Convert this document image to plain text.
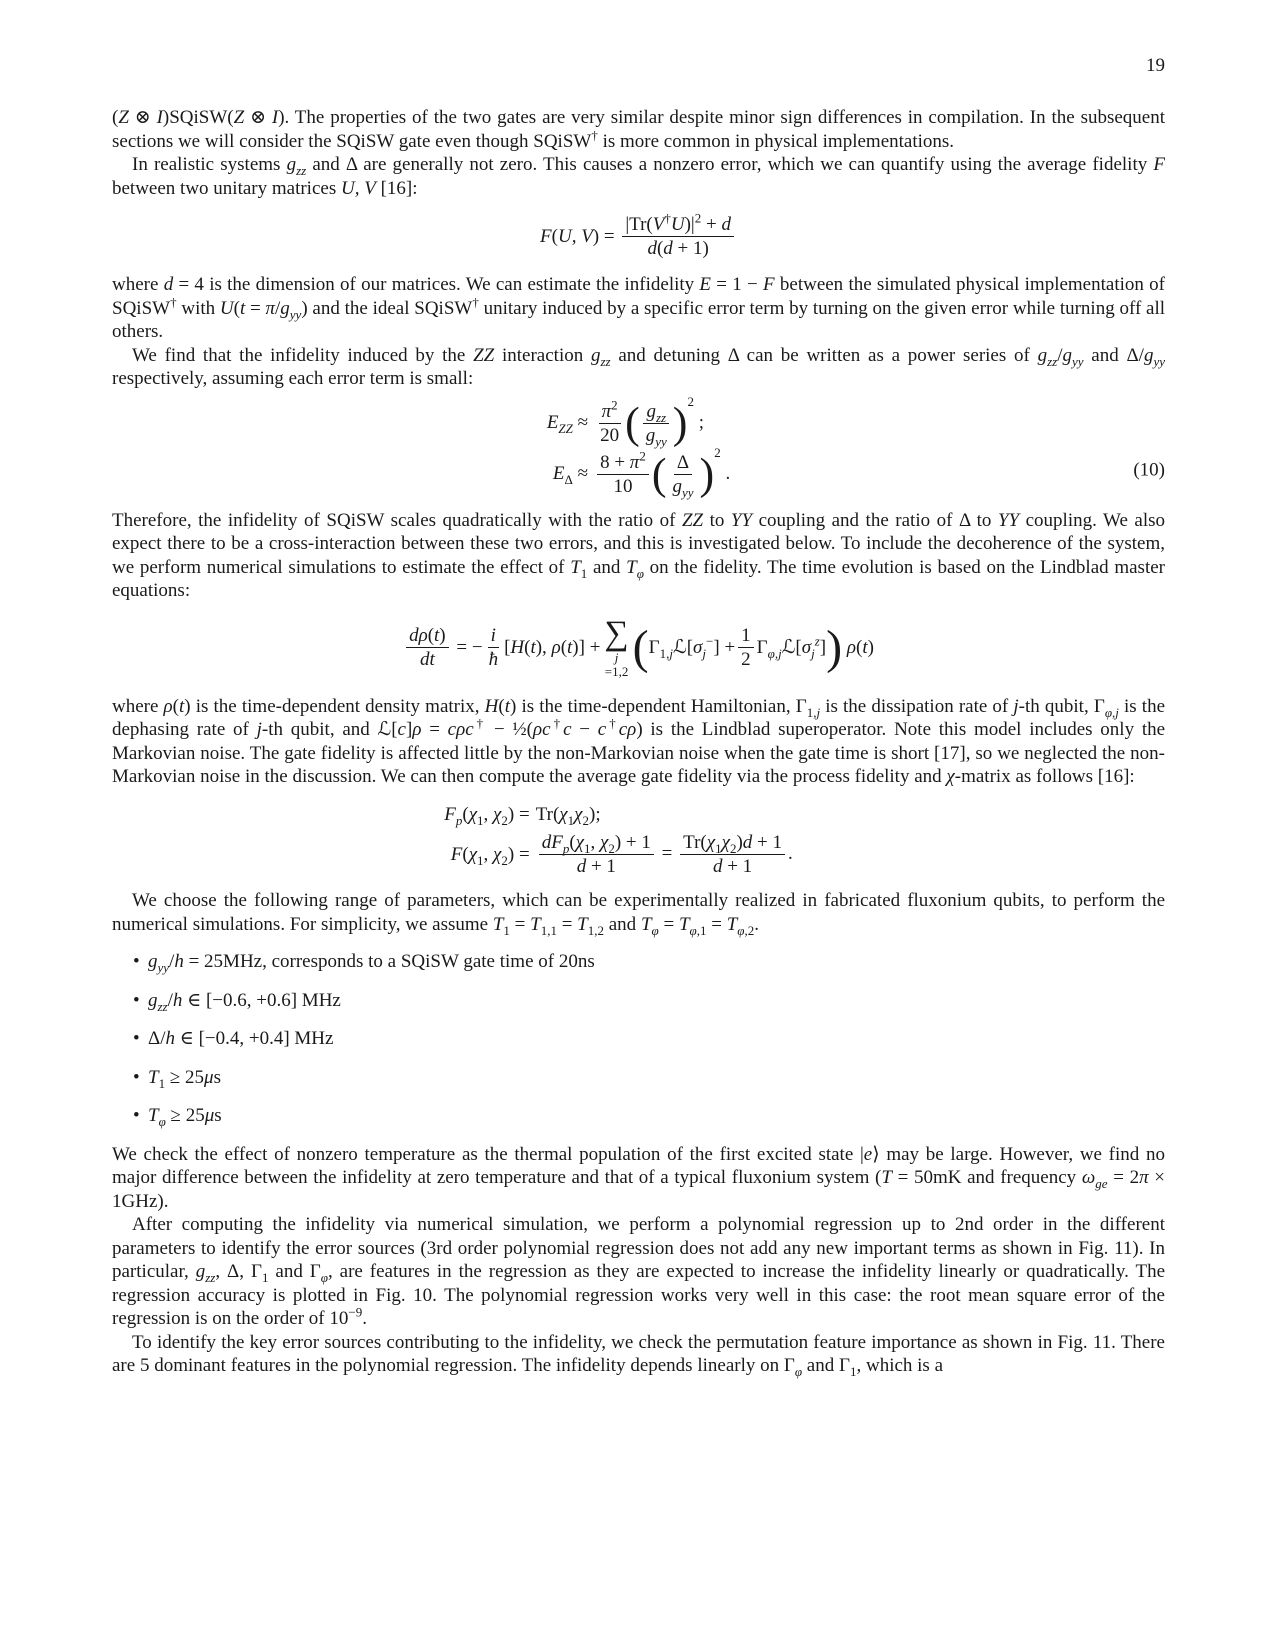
19

(Z ⊗ I)SQiSW(Z ⊗ I). The properties of the two gates are very similar despite minor sign differences in compilation. In the subsequent sections we will consider the SQiSW gate even though SQiSW† is more common in physical implementations.

In realistic systems $g_{zz}$ and Δ are generally not zero. This causes a nonzero error, which we can quantify using the average fidelity F between two unitary matrices U, V [16]:

F(U, $V) = \frac{|Tr(V^\dagger U)|^2 + d}{d(d + 1)}$

where d = 4 is the dimension of our matrices. We can estimate the infidelity E = 1 − F between the simulated physical implementation of SQiSW† with $U(t = \pi/g_{yy})$ and the ideal SQiSW† unitary induced by a specific error term by turning on the given error while turning off all others.

We find that the infidelity induced by the ZZ interaction $g_{zz}$ and detuning Δ can be written as a power series of $g_{zz}/g_{yy}$ and $\Delta/g_{yy}$ respectively, assuming each error term is small:

$E_{ZZ} \approx \frac{\pi^2}{20}$ ( $\frac{g_{zz}}{g_{yy}} )^2$ ;
$E_\Delta \approx \frac{8 + \pi^2}{10}$ ( $\frac{\Delta}{g_{yy}} )^2$ .	(10)

Therefore, the infidelity of SQiSW scales quadratically with the ratio of ZZ to YY coupling and the ratio of Δ to YY coupling. We also expect there to be a cross-interaction between these two errors, and this is investigated below. To include the decoherence of the system, we perform numerical simulations to estimate the effect of $T_1$ and $T_\varphi$ on the fidelity. The time evolution is based on the Lindblad master equations:

$\frac{d\rho(t)}{dt}$ = − $\frac{i}{ħ} [H(t)$, ρ(t)] + ∑
j
=1,2 ( $\Gamma_{1,j}ℒ[\sigma_j^-] + \frac{1}{2}$ $\Gamma_{\varphi,j}ℒ[\sigma_j^z]$ ) ρ(t)

where ρ(t) is the time-dependent density matrix, H(t) is the time-dependent Hamiltonian, $\Gamma_{1,j}$ is the dissipation rate of j-th qubit, $\Gamma_{\varphi,j}$ is the dephasing rate of j-th qubit, and ℒ[c]ρ = cρc† − ½(ρc†c − c†cρ) is the Lindblad superoperator. Note this model includes only the Markovian noise. The gate fidelity is affected little by the non-Markovian noise when the gate time is short [17], so we neglected the non-Markovian noise in the discussion. We can then compute the average gate fidelity via the process fidelity and χ-matrix as follows [16]:

$F_p(\chi_1$, $\chi_2) = Tr(\chi_1\chi_2)$;
$F(\chi_1$, $\chi_2) = \frac{dF_p(\chi_1, \chi_2) + 1}{d + 1} = \frac{Tr(\chi_1\chi_2)d + 1}{d + 1}$ .

We choose the following range of parameters, which can be experimentally realized in fabricated fluxonium qubits, to perform the numerical simulations. For simplicity, we assume $T_1 = T_{1,1} = T_{1,2}$ and $T_\varphi = T_{\varphi,1} = T_{\varphi,2}$.

• $g_{yy}/h = 25MHz$, corresponds to a SQiSW gate time of 20ns
• $g_{zz}/h$ ∈ [−0.6, +0.6] MHz
• Δ/h ∈ [−0.4, +0.4] MHz
• $T_1 \ge 25\mu s$
• $T_\varphi \ge 25\mu s$

We check the effect of nonzero temperature as the thermal population of the first excited state |e⟩ may be large. However, we find no major difference between the infidelity at zero temperature and that of a typical fluxonium system (T = 50mK and frequency $\omega_{ge} = 2\pi \times 1GHz$).

After computing the infidelity via numerical simulation, we perform a polynomial regression up to 2nd order in the different parameters to identify the error sources (3rd order polynomial regression does not add any new important terms as shown in Fig. 11). In particular, $g_{zz}$, Δ, $\Gamma_1$ and $\Gamma_\varphi$, are features in the regression as they are expected to increase the infidelity linearly or quadratically. The regression accuracy is plotted in Fig. 10. The polynomial regression works very well in this case: the root mean square error of the regression is on the order of $10^{-9}$.

To identify the key error sources contributing to the infidelity, we check the permutation feature importance as shown in Fig. 11. There are 5 dominant features in the polynomial regression. The infidelity depends linearly on $\Gamma_\varphi$ and $\Gamma_1$, which is a
